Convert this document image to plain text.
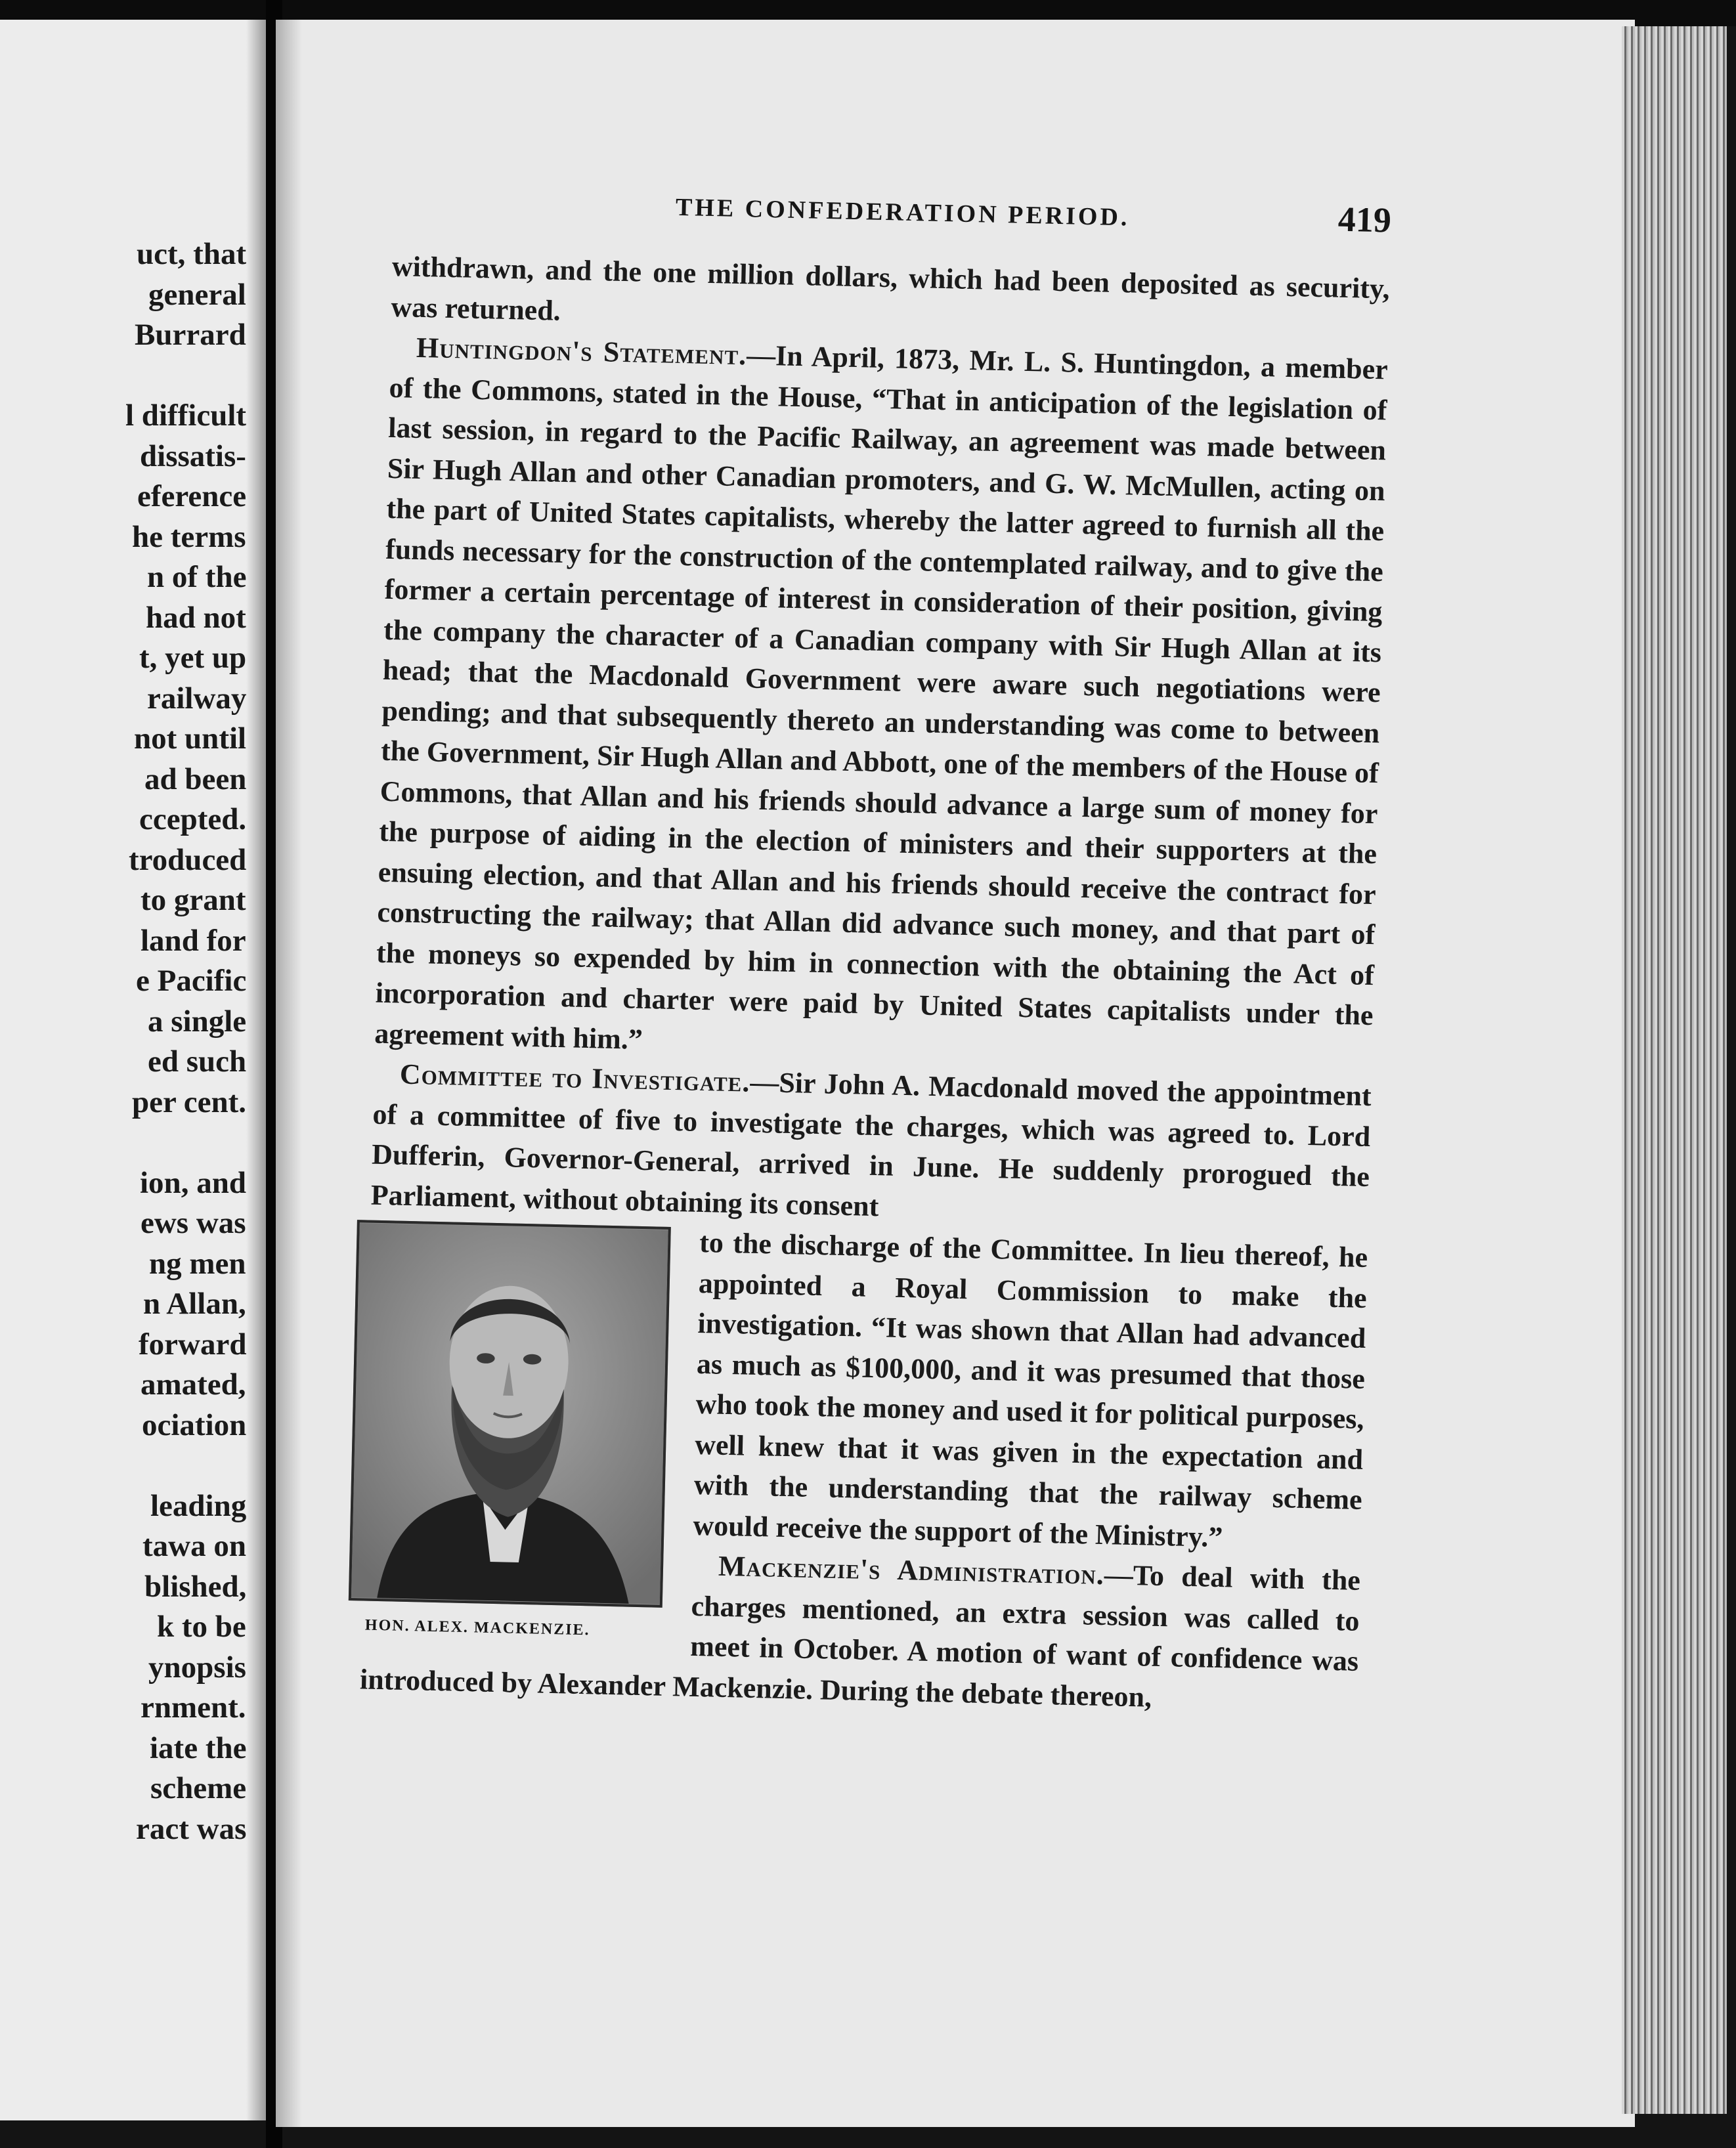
uct, that
general
Burrard
l difficult
dissatis-
eference
he terms
n of the
had not
t, yet up
railway
not until
ad been
ccepted.
troduced
to grant
land for
e Pacific
a single
ed such
per cent.
ion, and
ews was
ng men
n Allan,
forward
amated,
ociation
leading
tawa on
blished,
k to be
ynopsis
rnment.
iate the
scheme
ract was
THE CONFEDERATION PERIOD.	419

withdrawn, and the one million dollars, which had been deposited as security, was returned.

Huntingdon's Statement.—In April, 1873, Mr. L. S. Huntingdon, a member of the Commons, stated in the House, “That in anticipation of the legislation of last session, in regard to the Pacific Railway, an agreement was made between Sir Hugh Allan and other Canadian promoters, and G. W. McMullen, acting on the part of United States capitalists, whereby the latter agreed to furnish all the funds necessary for the construction of the contemplated railway, and to give the former a certain percentage of interest in consideration of their position, giving the company the character of a Canadian company with Sir Hugh Allan at its head; that the Macdonald Government were aware such negotiations were pending; and that subsequently thereto an understanding was come to between the Government, Sir Hugh Allan and Abbott, one of the members of the House of Commons, that Allan and his friends should advance a large sum of money for the purpose of aiding in the election of ministers and their supporters at the ensuing election, and that Allan and his friends should receive the contract for constructing the railway; that Allan did advance such money, and that part of the moneys so expended by him in connection with the obtaining the Act of incorporation and charter were paid by United States capitalists under the agreement with him.”

Committee to Investigate.—Sir John A. Macdonald moved the appointment of a committee of five to investigate the charges, which was agreed to. Lord Dufferin, Governor-General, arrived in June. He suddenly prorogued the Parliament, without obtaining its consent

HON. ALEX. MACKENZIE.

to the discharge of the Committee. In lieu thereof, he appointed a Royal Commission to make the investigation. “It was shown that Allan had advanced as much as $100,000, and it was presumed that those who took the money and used it for political purposes, well knew that it was given in the expectation and with the understanding that the railway scheme would receive the support of the Ministry.”

Mackenzie's Administration.—To deal with the charges mentioned, an extra session was called to meet in October. A motion of want of confidence was introduced by Alexander Mackenzie. During the debate thereon,
